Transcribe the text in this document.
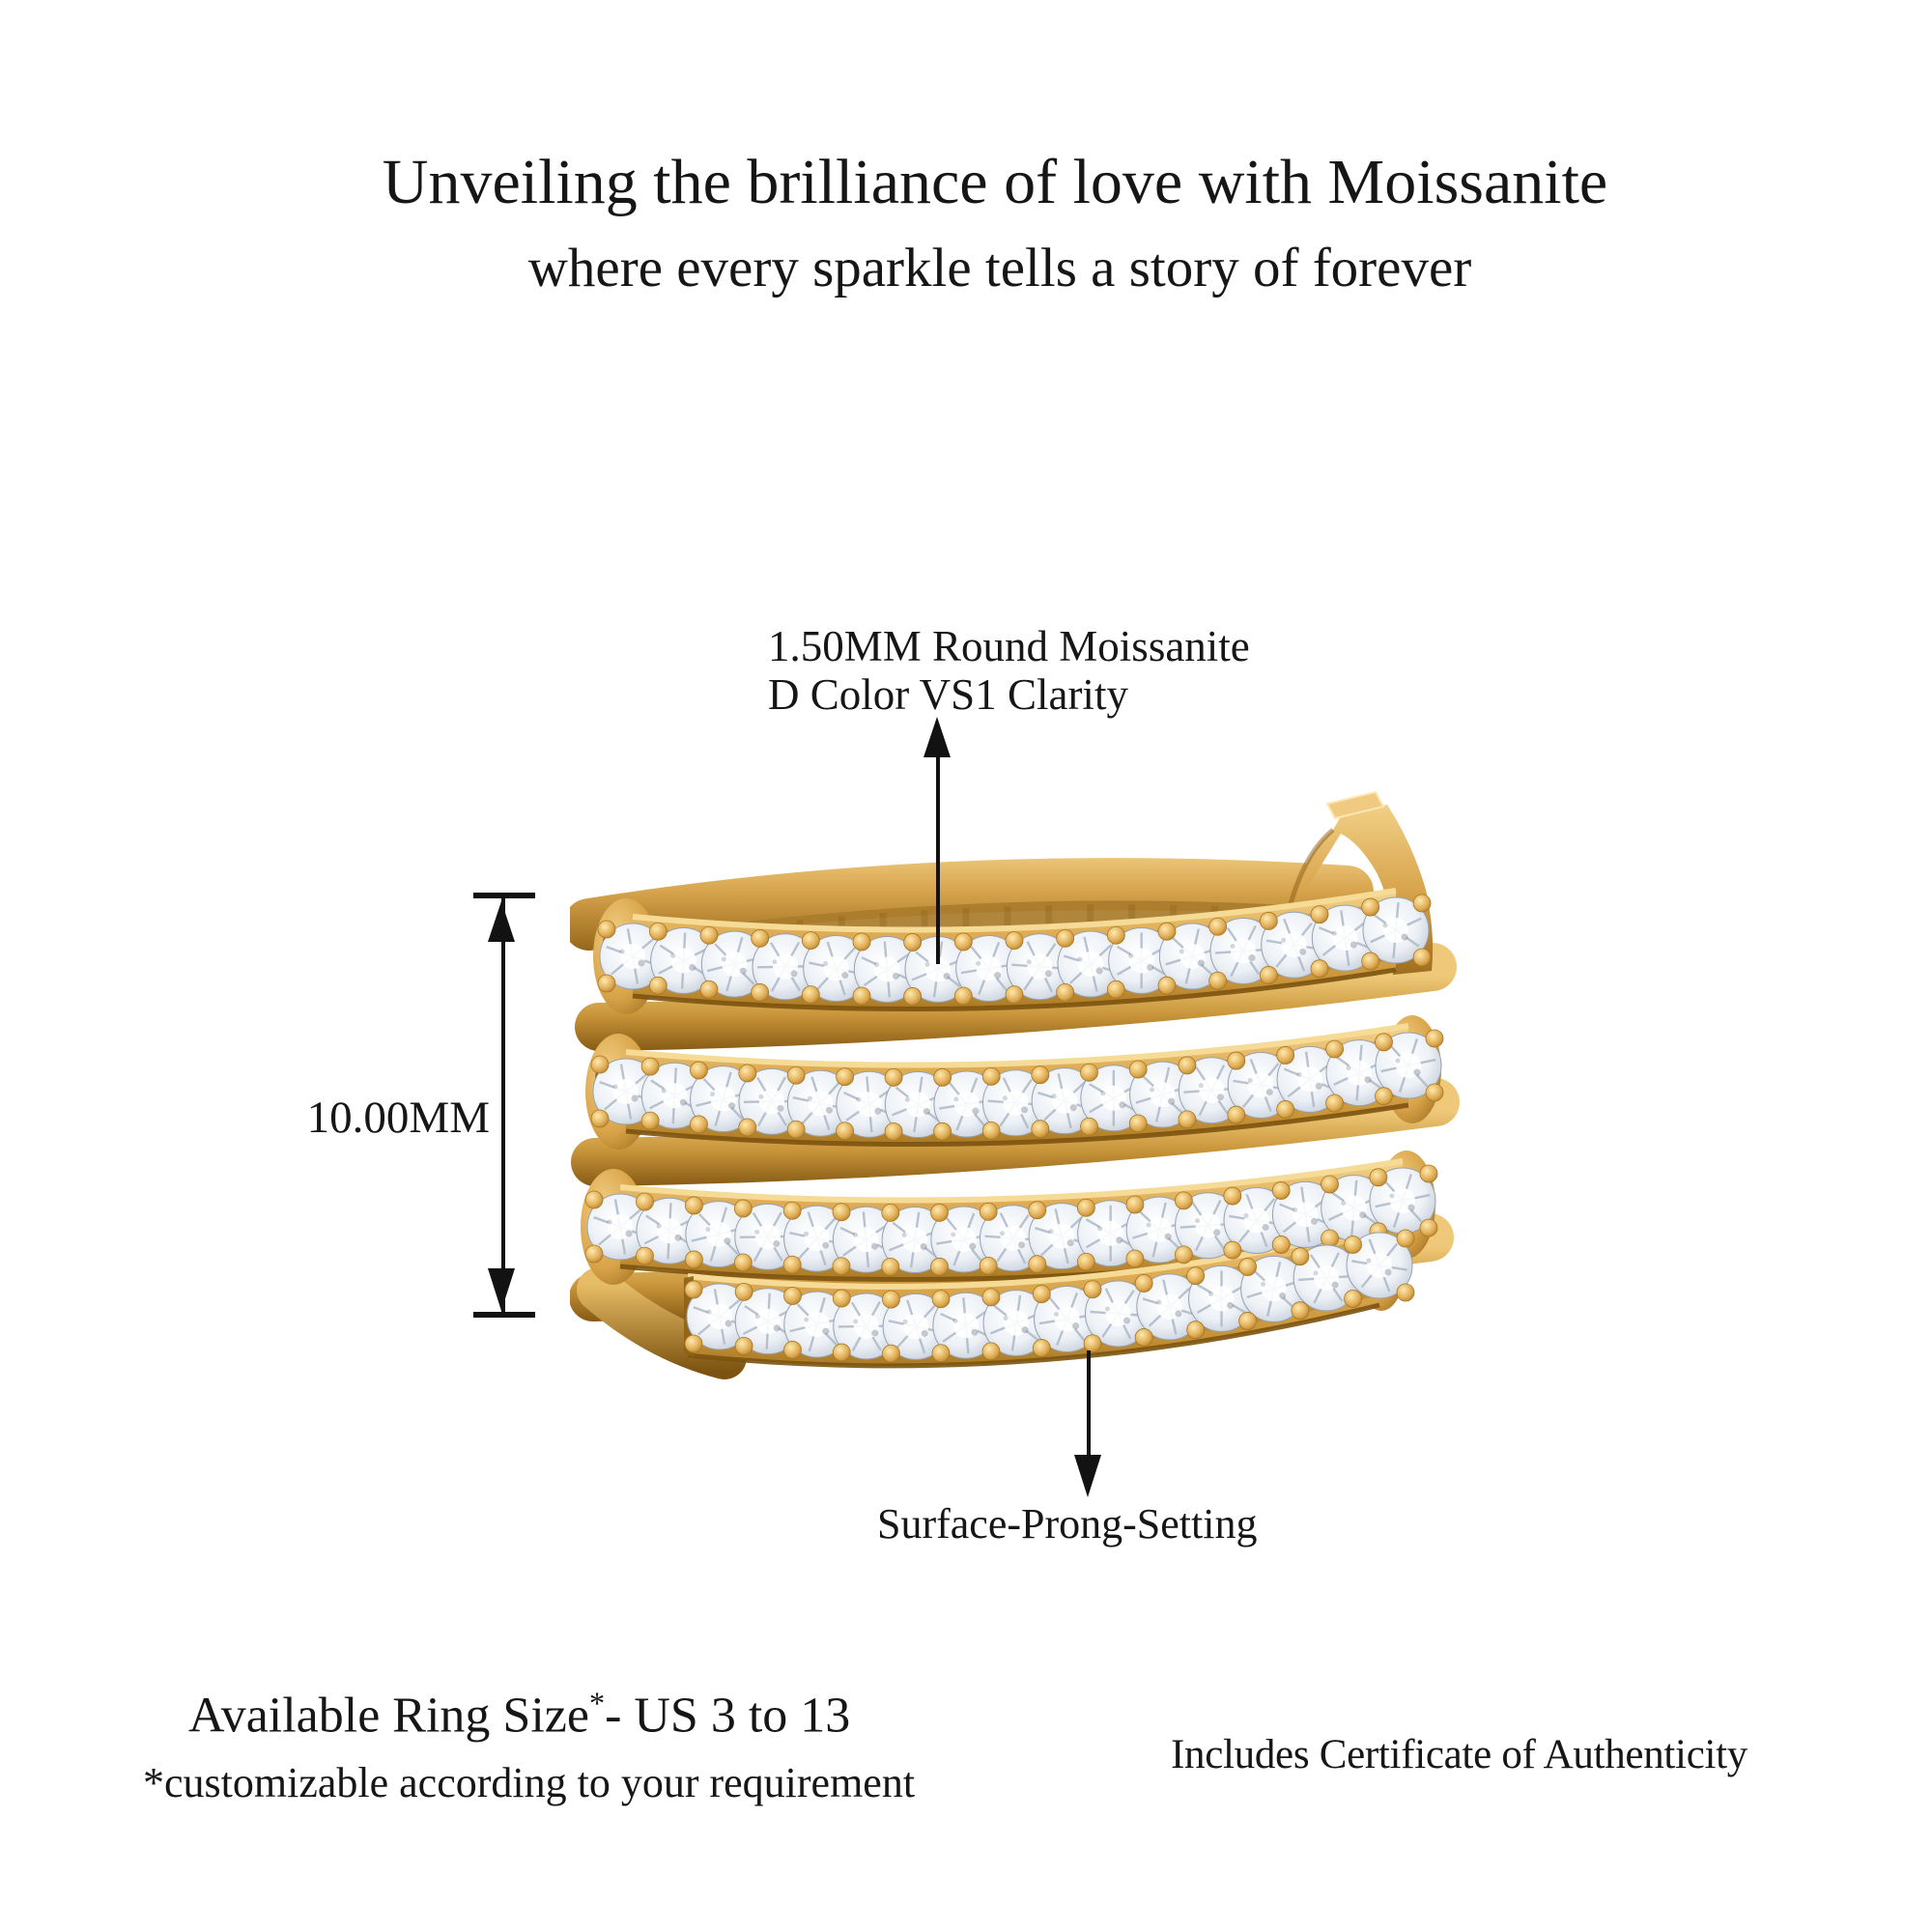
Unveiling the brilliance of love with Moissanite
where every sparkle tells a story of forever
1.50MM Round Moissanite
D Color VS1 Clarity
10.00MM
Surface-Prong-Setting
Available Ring Size*- US 3 to 13
*customizable according to your requirement
Includes Certificate of Authenticity
